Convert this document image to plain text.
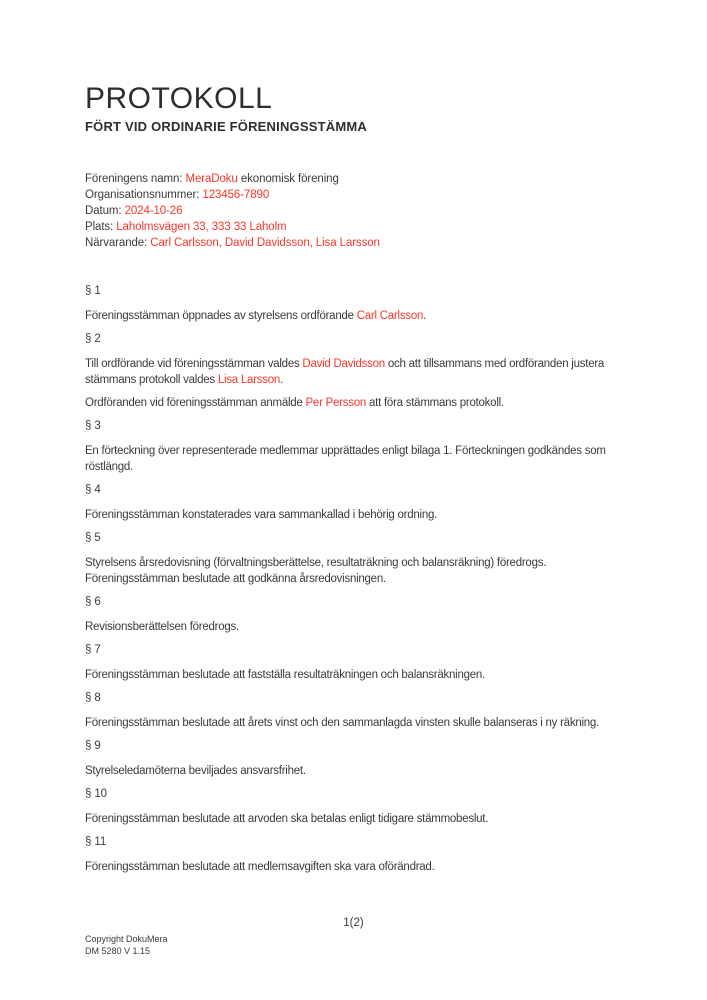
PROTOKOLL
FÖRT VID ORDINARIE FÖRENINGSSTÄMMA
Föreningens namn: MeraDoku ekonomisk förening
Organisationsnummer: 123456-7890
Datum: 2024-10-26
Plats: Laholmsvägen 33, 333 33 Laholm
Närvarande: Carl Carlsson, David Davidsson, Lisa Larsson
§ 1

Föreningsstämman öppnades av styrelsens ordförande Carl Carlsson.

§ 2

Till ordförande vid föreningsstämman valdes David Davidsson och att tillsammans med ordföranden justera stämmans protokoll valdes Lisa Larsson.

Ordföranden vid föreningsstämman anmälde Per Persson att föra stämmans protokoll.

§ 3

En förteckning över representerade medlemmar upprättades enligt bilaga 1. Förteckningen godkändes som röstlängd.

§ 4

Föreningsstämman konstaterades vara sammankallad i behörig ordning.

§ 5

Styrelsens årsredovisning (förvaltningsberättelse, resultaträkning och balansräkning) föredrogs. Föreningsstämman beslutade att godkänna årsredovisningen.

§ 6

Revisionsberättelsen föredrogs.

§ 7

Föreningsstämman beslutade att fastställa resultaträkningen och balansräkningen.

§ 8

Föreningsstämman beslutade att årets vinst och den sammanlagda vinsten skulle balanseras i ny räkning.

§ 9

Styrelseledamöterna beviljades ansvarsfrihet.

§ 10

Föreningsstämman beslutade att arvoden ska betalas enligt tidigare stämmobeslut.

§ 11

Föreningsstämman beslutade att medlemsavgiften ska vara oförändrad.

1(2)
Copyright DokuMera
DM 5280 V 1.15
